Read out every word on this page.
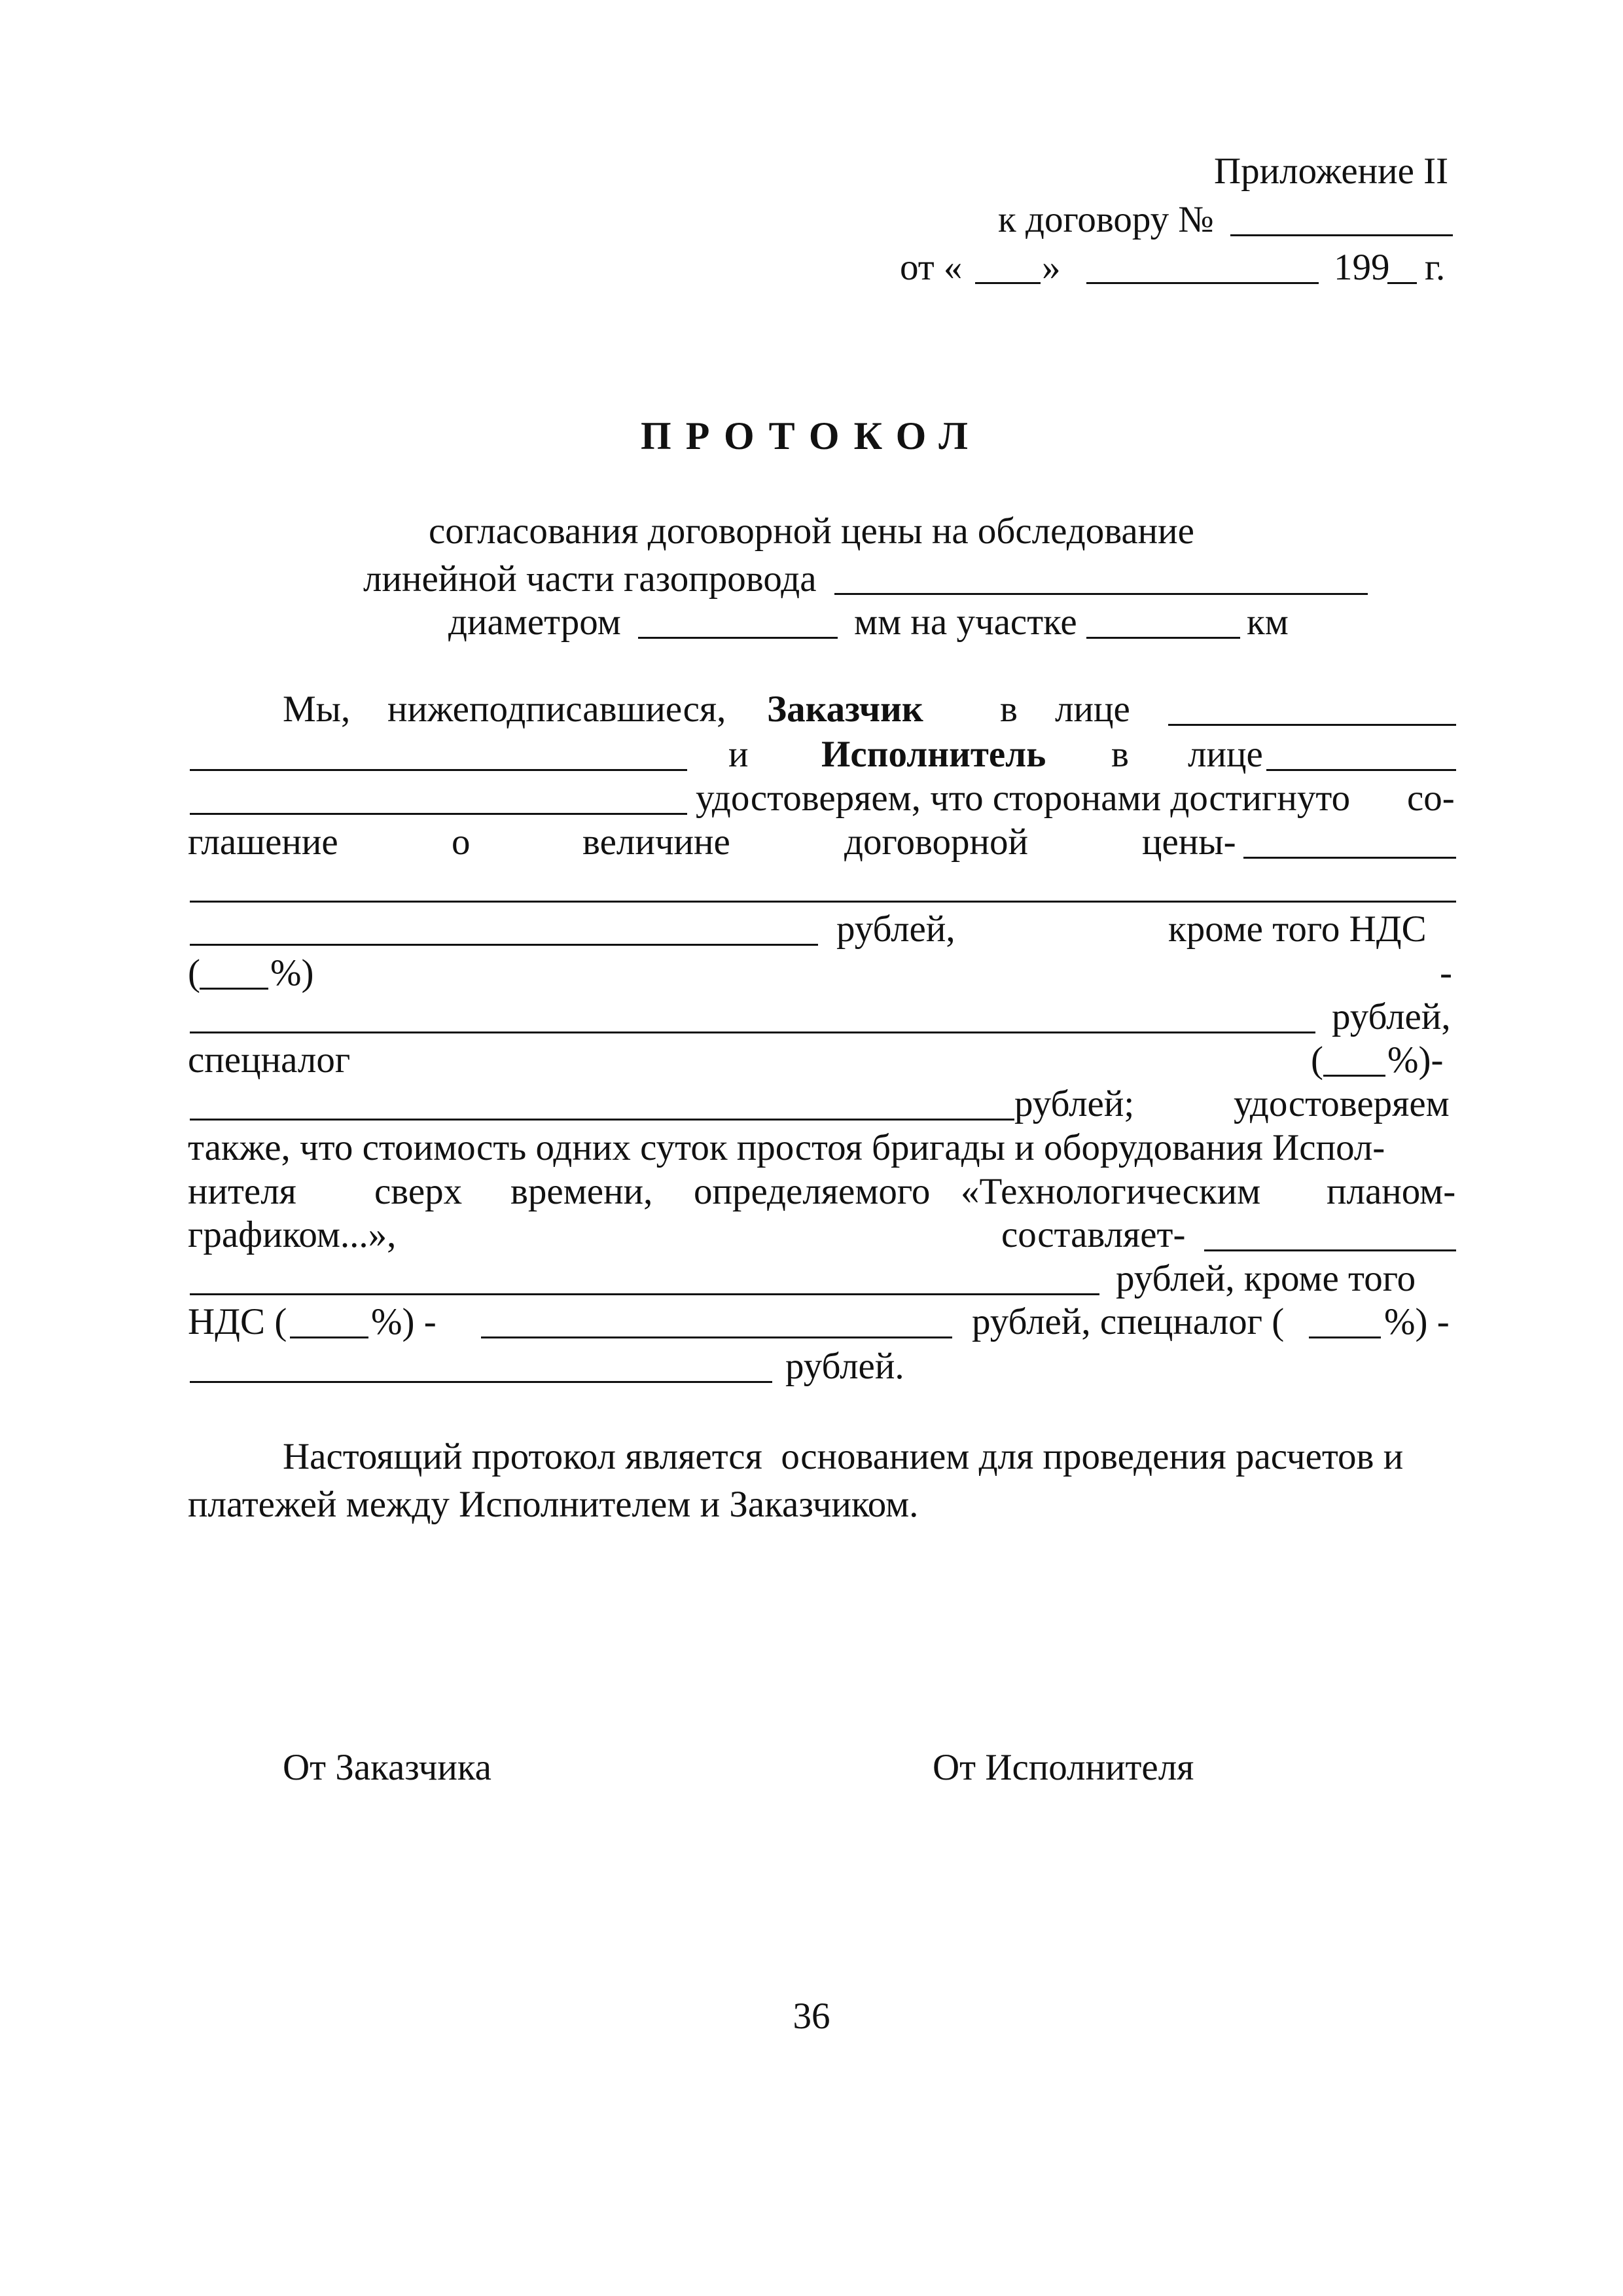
Приложение II
к договору №
от « »	199 г.
ПРОТОКОЛ
согласования договорной цены на обследование
линейной части газопровода
диаметром	мм на участке	км
Мы, нижеподписавшиеся, Заказчик в лице
и Исполнитель в лице
удостоверяем, что сторонами достигнуто со-
глашение	о	величине	договорной	цены-
рублей,	кроме того НДС
( %)	-
рублей,
спецналог	( %)-
рублей;	удостоверяем
также, что стоимость одних суток простоя бригады и оборудования Испол-
нителя сверх времени, определяемого «Технологическим планом-
графиком...»,	составляет-
рублей, кроме того
НДС ( %) -	рублей, спецналог (	%) -
рублей.
Настоящий протокол является  основанием для проведения расчетов и
платежей между Исполнителем и Заказчиком.
От Заказчика	От Исполнителя
36
